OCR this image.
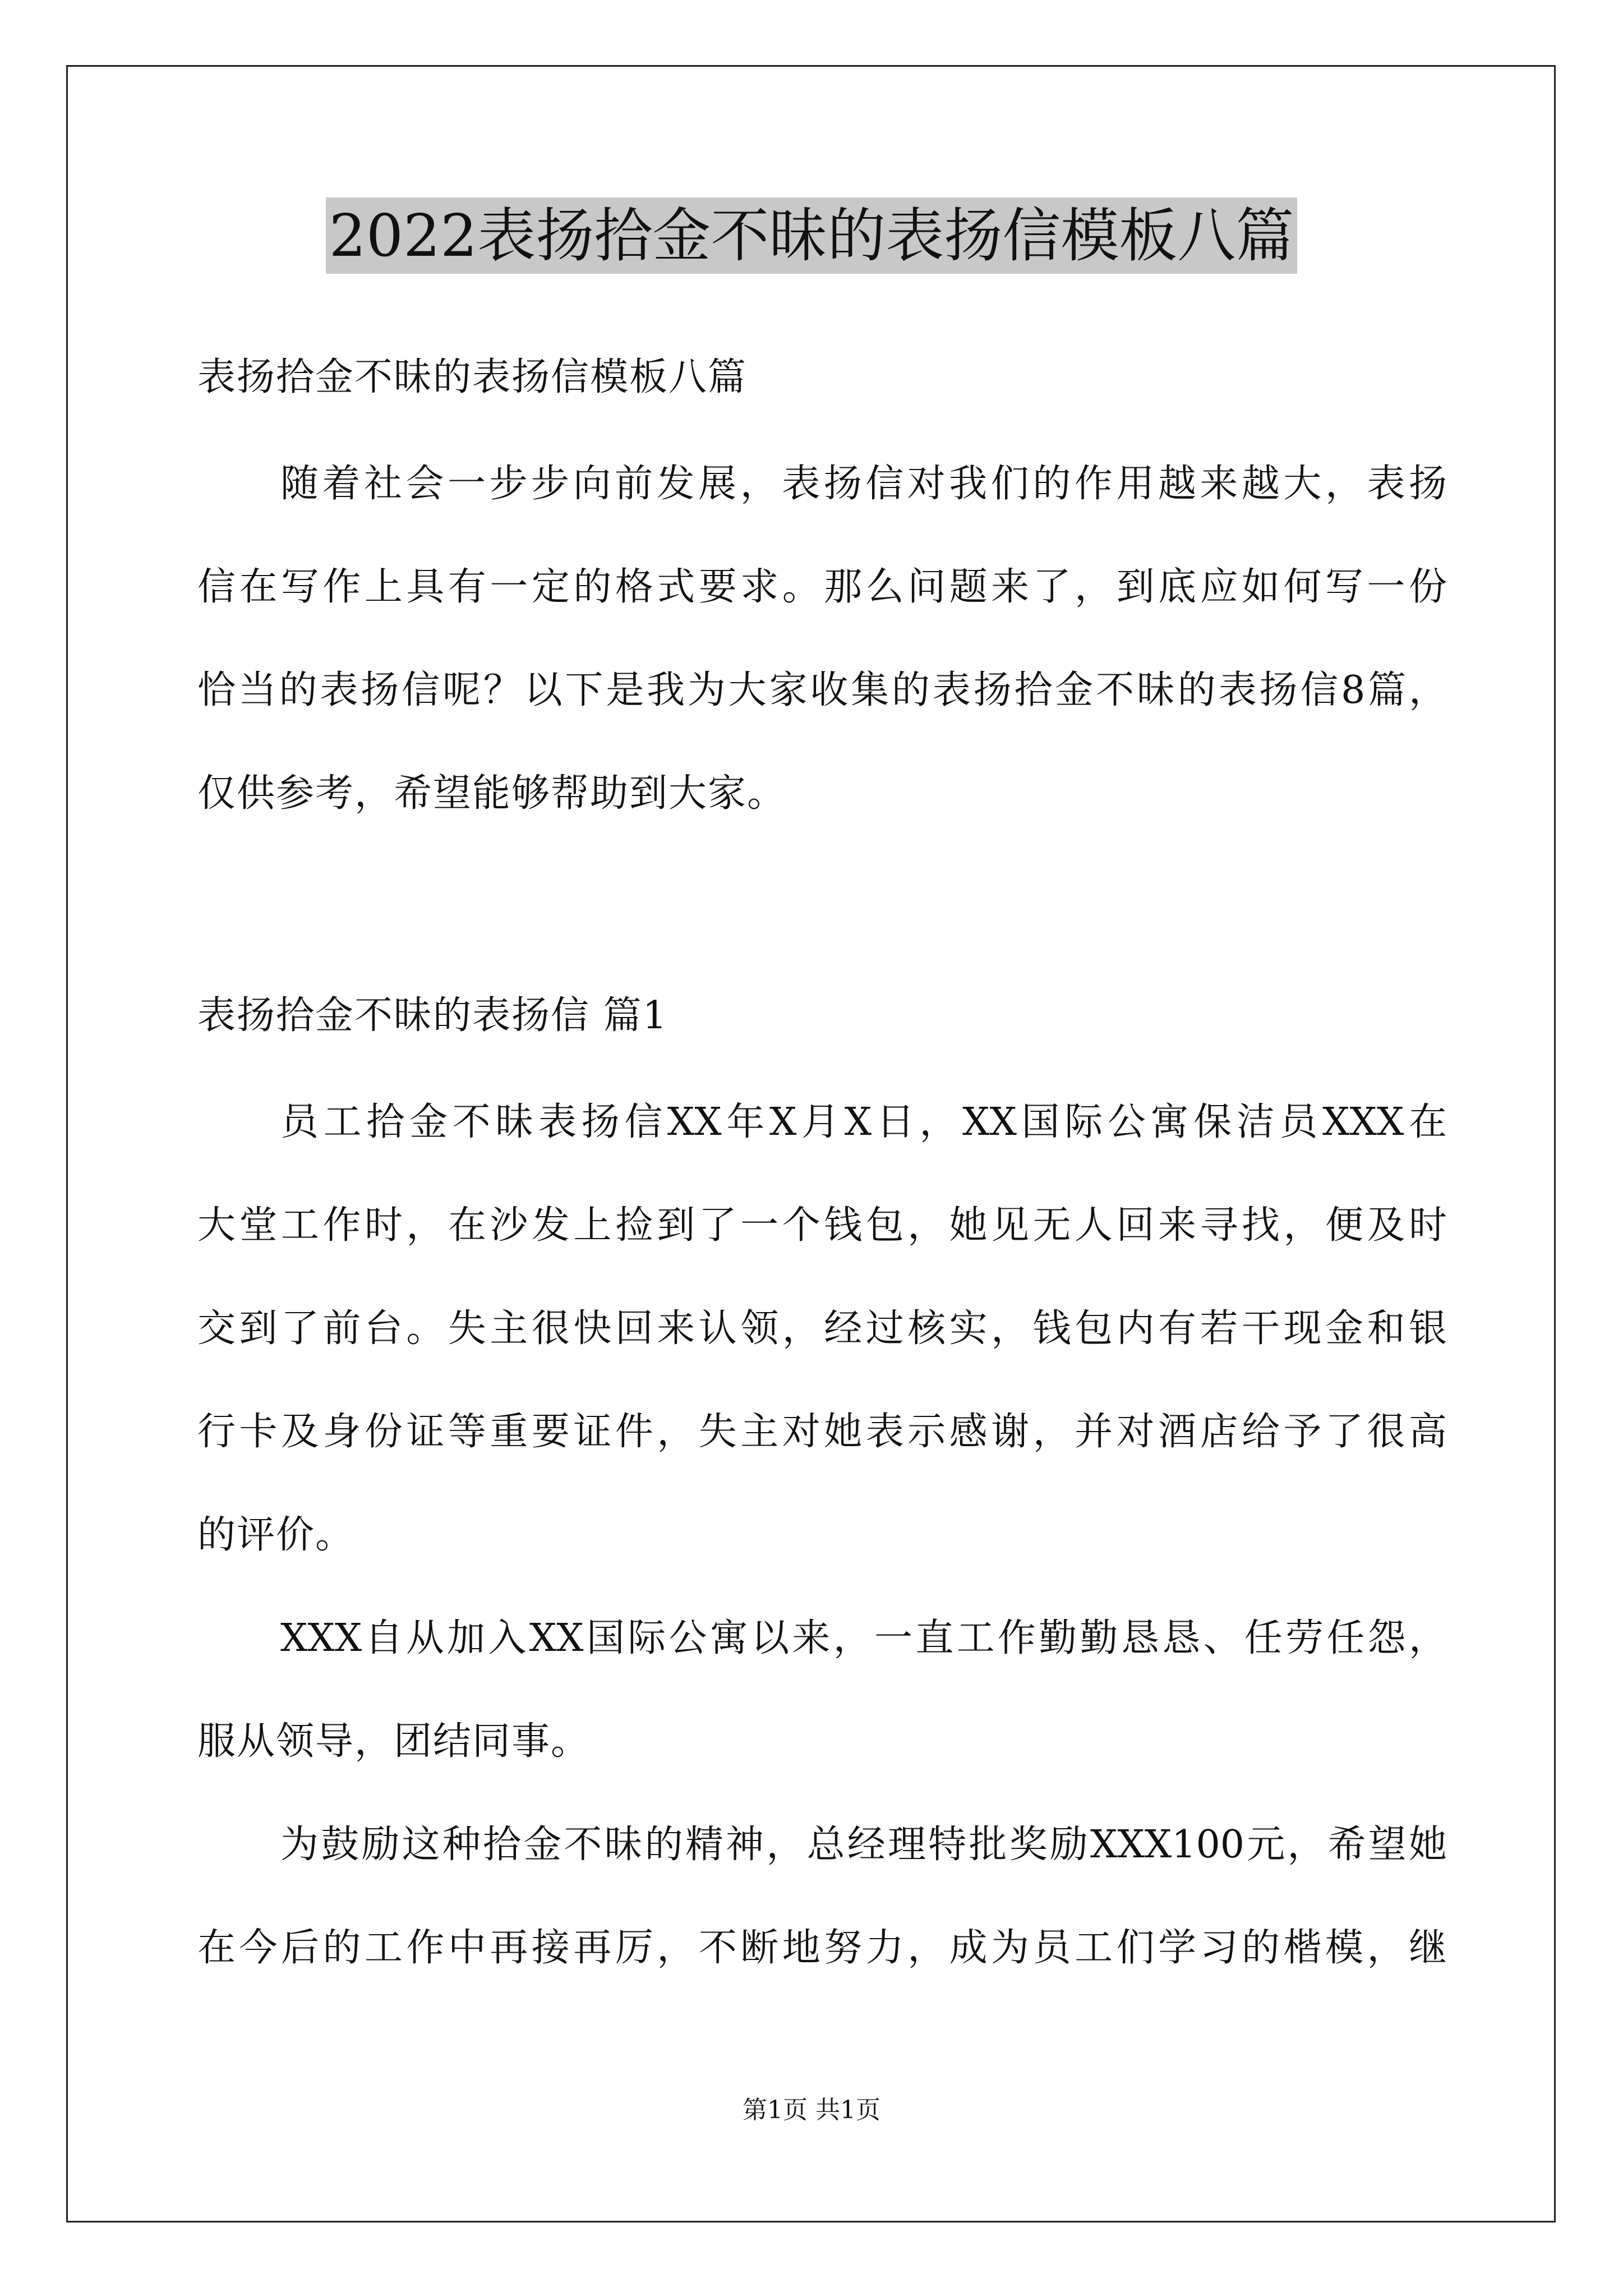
2022表扬拾金不昧的表扬信模板八篇
表扬拾金不昧的表扬信模板八篇
随着社会一步步向前发展，表扬信对我们的作用越来越大，表扬
信在写作上具有一定的格式要求。那么问题来了，到底应如何写一份
恰当的表扬信呢？以下是我为大家收集的表扬拾金不昧的表扬信8篇，
仅供参考，希望能够帮助到大家。
表扬拾金不昧的表扬信 篇1
员工拾金不昧表扬信XX年X月X日，XX国际公寓保洁员XXX在
大堂工作时，在沙发上捡到了一个钱包，她见无人回来寻找，便及时
交到了前台。失主很快回来认领，经过核实，钱包内有若干现金和银
行卡及身份证等重要证件，失主对她表示感谢，并对酒店给予了很高
的评价。
XXX自从加入XX国际公寓以来，一直工作勤勤恳恳、任劳任怨，
服从领导，团结同事。
为鼓励这种拾金不昧的精神，总经理特批奖励XXX100元，希望她
在今后的工作中再接再厉，不断地努力，成为员工们学习的楷模，继
第1页 共1页
